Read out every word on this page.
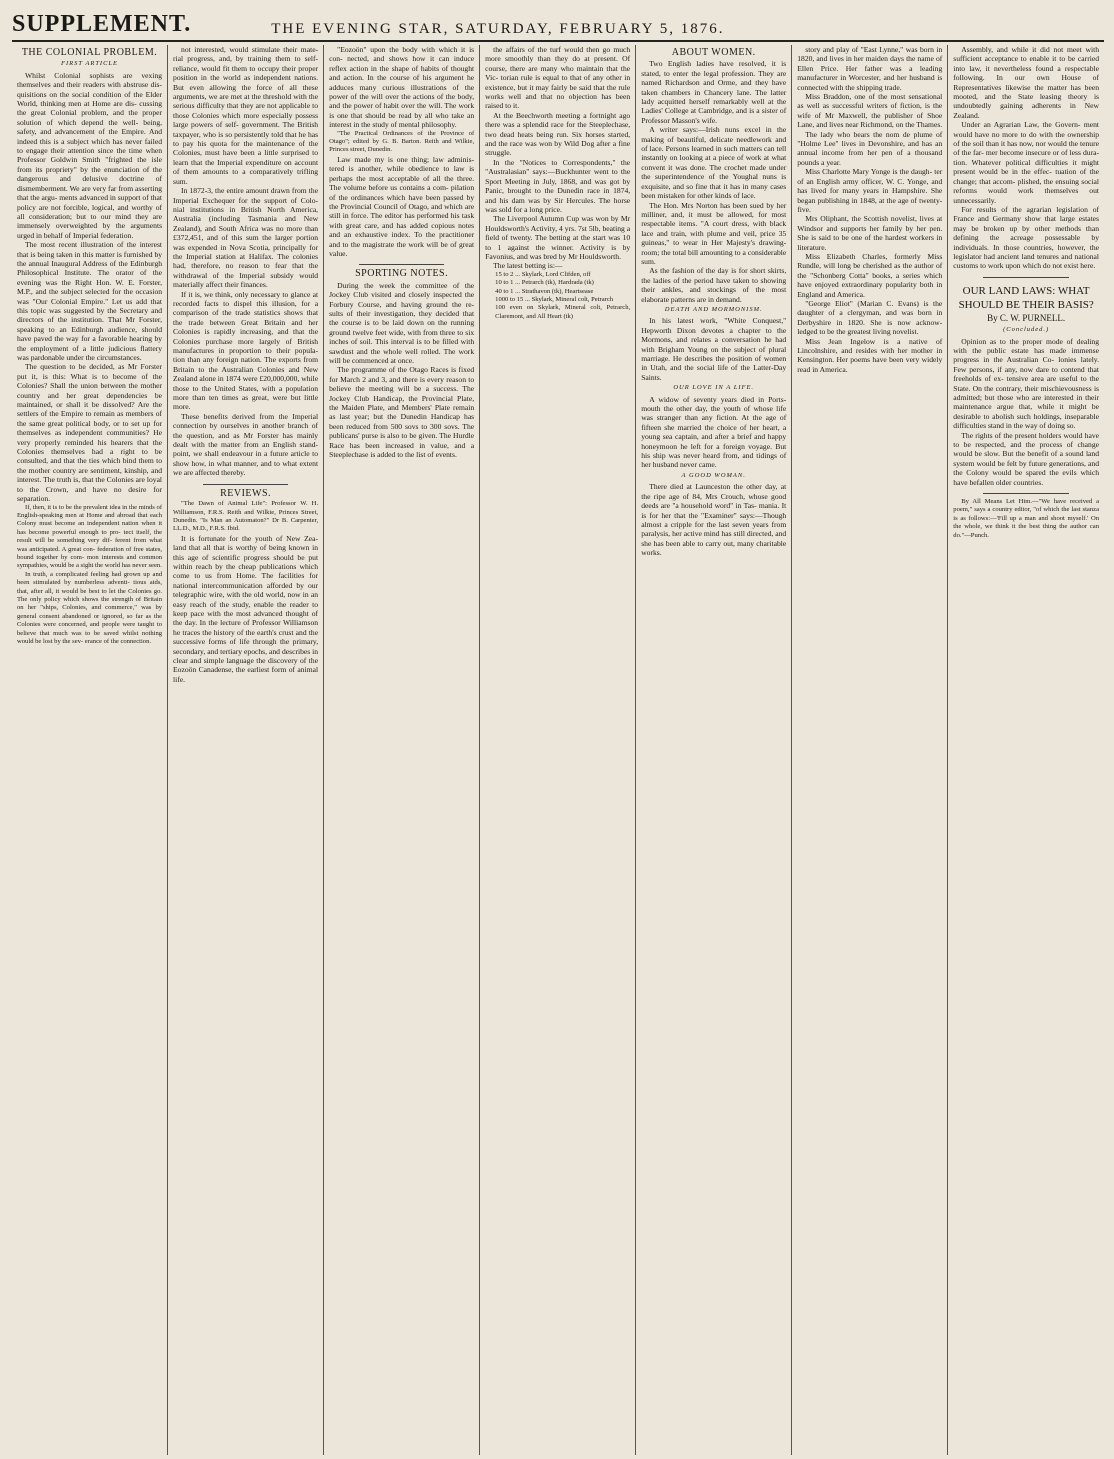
SUPPLEMENT.	THE EVENING STAR, SATURDAY, FEBRUARY 5, 1876.
THE COLONIAL PROBLEM.
FIRST ARTICLE

Whilst Colonial sophists are vexing themselves and their readers with abstruse dis- quisitions on the social condition of the Elder World, thinking men at Home are dis- cussing the great Colonial problem, and the proper solution of which depend the well- being, safety, and advancement of the Empire. And indeed this is a subject which has never failed to engage their attention since the time when Professor Goldwin Smith "frighted the isle from its propriety" by the enunciation of the dangerous and delusive doctrine of dismemberment. We are very far from asserting that the argu- ments advanced in support of that policy are not forcible, logical, and worthy of all consideration; but to our mind they are immensely overweighted by the arguments urged in behalf of Imperial federation.

The most recent illustration of the interest that is being taken in this matter is furnished by the annual Inaugural Address of the Edinburgh Philosophical Institute. The orator of the evening was the Right Hon. W. E. Forster, M.P., and the subject selected for the occasion was "Our Colonial Empire." Let us add that this topic was suggested by the Secretary and directors of the institution. That Mr Forster, speaking to an Edinburgh audience, should have paved the way for a favorable hearing by the employment of a little judicious flattery was pardonable under the circumstances.

The question to be decided, as Mr Forster put it, is this: What is to become of the Colonies? Shall the union between the mother country and her great dependencies be maintained, or shall it be dissolved? Are the settlers of the Empire to remain as members of the same great political body, or to set up for themselves as independent communities? He very properly reminded his hearers that the Colonies themselves had a right to be consulted, and that the ties which bind them to the mother country are sentiment, kinship, and interest. The truth is, that the Colonies are loyal to the Crown, and have no desire for separation.

If, then, it is to be the prevalent idea in the minds of English-speaking men at Home and abroad that each Colony must become an independent nation when it has become powerful enough to pro- tect itself, the result will be something very dif- ferent from what was anticipated. A great con- federation of free states, bound together by com- mon interests and common sympathies, would be a sight the world has never seen.

In truth, a complicated feeling had grown up and been stimulated by numberless adventi- tious aids, that, after all, it would be best to let the Colonies go. The only policy which shows the strength of Britain on her "ships, Colonies, and commerce," was by general consent abandoned or ignored, so far as the Colonies were concerned, and people were taught to believe that much was to be saved whilst nothing would be lost by the sev- erance of the connection.

not interested, would stimulate their mate- rial progress, and, by training them to self- reliance, would fit them to occupy their proper position in the world as independent nations. But even allowing the force of all these arguments, we are met at the threshold with the serious difficulty that they are not applicable to those Colonies which more especially possess large powers of self- government. The British taxpayer, who is so persistently told that he has to pay his quota for the maintenance of the Colonies, must have been a little surprised to learn that the Imperial expenditure on account of them amounts to a comparatively trifling sum.

In 1872-3, the entire amount drawn from the Imperial Exchequer for the support of Colo- nial institutions in British North America, Australia (including Tasmania and New Zealand), and South Africa was no more than £372,451, and of this sum the larger portion was expended in Nova Scotia, principally for the Imperial station at Halifax. The colonies had, therefore, no reason to fear that the withdrawal of the Imperial subsidy would materially affect their finances.

If it is, we think, only necessary to glance at recorded facts to dispel this illusion, for a comparison of the trade statistics shows that the trade between Great Britain and her Colonies is rapidly increasing, and that the Colonies purchase more largely of British manufactures in proportion to their popula- tion than any foreign nation. The exports from Britain to the Australian Colonies and New Zealand alone in 1874 were £20,000,000, while those to the United States, with a population more than ten times as great, were but little more.

These benefits derived from the Imperial connection by ourselves in another branch of the question, and as Mr Forster has mainly dealt with the matter from an English stand- point, we shall endeavour in a future article to show how, in what manner, and to what extent we are affected thereby.

REVIEWS.

"The Dawn of Animal Life": Professor W. H. Williamson, F.R.S. Reith and Wilkie, Princes Street, Dunedin. "Is Man an Automaton?" Dr B. Carpenter, LL.D., M.D., F.R.S. Ibid.

It is fortunate for the youth of New Zea- land that all that is worthy of being known in this age of scientific progress should be put within reach by the cheap publications which come to us from Home. The facilities for national intercommunication afforded by our telegraphic wire, with the old world, now in an easy reach of the study, enable the reader to keep pace with the most advanced thought of the day. In the lecture of Professor Williamson he traces the history of the earth's crust and the successive forms of life through the primary, secondary, and tertiary epochs, and describes in clear and simple language the discovery of the Eozoön Canadense, the earliest form of animal life.

"Eozoön" upon the body with which it is con- nected, and shows how it can induce reflex action in the shape of habits of thought and action. In the course of his argument he adduces many curious illustrations of the power of the will over the actions of the body, and the power of habit over the will. The work is one that should be read by all who take an interest in the study of mental philosophy.

"The Practical Ordinances of the Province of Otago"; edited by G. B. Barton. Reith and Wilkie, Princes street, Dunedin.

Law made my is one thing; law adminis- tered is another, while obedience to law is perhaps the most acceptable of all the three. The volume before us contains a com- pilation of the ordinances which have been passed by the Provincial Council of Otago, and which are still in force. The editor has performed his task with great care, and has added copious notes and an exhaustive index. To the practitioner and to the magistrate the work will be of great value.

SPORTING NOTES.

During the week the committee of the Jockey Club visited and closely inspected the Forbury Course, and having ground the re- sults of their investigation, they decided that the course is to be laid down on the running ground twelve feet wide, with from three to six inches of soil. This interval is to be filled with sawdust and the whole well rolled. The work will be commenced at once.

The programme of the Otago Races is fixed for March 2 and 3, and there is every reason to believe the meeting will be a success. The Jockey Club Handicap, the Provincial Plate, the Maiden Plate, and Members' Plate remain as last year; but the Dunedin Handicap has been reduced from 500 sovs to 300 sovs. The publicans' purse is also to be given. The Hurdle Race has been increased in value, and a Steeplechase is added to the list of events.

the affairs of the turf would then go much more smoothly than they do at present. Of course, there are many who maintain that the Vic- torian rule is equal to that of any other in existence, but it may fairly be said that the rule works well and that no objection has been raised to it.

At the Beechworth meeting a fortnight ago there was a splendid race for the Steeplechase, two dead heats being run. Six horses started, and the race was won by Wild Dog after a fine struggle.

In the "Notices to Correspondents," the "Australasian" says:—Buckhunter went to the Sport Meeting in July, 1868, and was got by Panic, brought to the Dunedin race in 1874, and his dam was by Sir Hercules. The horse was sold for a long price.

The Liverpool Autumn Cup was won by Mr Houldsworth's Activity, 4 yrs. 7st 5lb, beating a field of twenty. The betting at the start was 10 to 1 against the winner. Activity is by Favonius, and was bred by Mr Houldsworth.

The latest betting is:—

15 to 2 ... Skylark, Lord Clifden, off
10 to 1 ... Petrarch (tk), Hardrada (tk)
40 to 1 ... Strathavon (tk), Heartsease
1000 to 15 ... Skylark, Mineral colt, Petrarch
100 even on Skylark, Mineral colt, Petrarch, Claremont, and All Heart (tk)
ABOUT WOMEN.

Two English ladies have resolved, it is stated, to enter the legal profession. They are named Richardson and Orme, and they have taken chambers in Chancery lane. The latter lady acquitted herself remarkably well at the Ladies' College at Cambridge, and is a sister of Professor Masson's wife.

A writer says:—Irish nuns excel in the making of beautiful, delicate needlework and of lace. Persons learned in such matters can tell instantly on looking at a piece of work at what convent it was done. The crochet made under the superintendence of the Youghal nuns is exquisite, and so fine that it has in many cases been mistaken for other kinds of lace.

The Hon. Mrs Norton has been sued by her milliner, and, it must be allowed, for most respectable items. "A court dress, with black lace and train, with plume and veil, price 35 guineas," to wear in Her Majesty's drawing-room; the total bill amounting to a considerable sum.

As the fashion of the day is for short skirts, the ladies of the period have taken to showing their ankles, and stockings of the most elaborate patterns are in demand.

DEATH AND MORMONISM.

In his latest work, "White Conquest," Hepworth Dixon devotes a chapter to the Mormons, and relates a conversation he had with Brigham Young on the subject of plural marriage. He describes the position of women in Utah, and the social life of the Latter-Day Saints.

OUR LOVE IN A LIFE.

A widow of seventy years died in Ports- mouth the other day, the youth of whose life was stranger than any fiction. At the age of fifteen she married the choice of her heart, a young sea captain, and after a brief and happy honeymoon he left for a foreign voyage. But his ship was never heard from, and tidings of her husband never came.

A GOOD WOMAN.

There died at Launceston the other day, at the ripe age of 84, Mrs Crouch, whose good deeds are "a household word" in Tas- mania. It is for her that the "Examiner" says:—Though almost a cripple for the last seven years from paralysis, her active mind has still directed, and she has been able to carry out, many charitable works.

story and play of "East Lynne," was born in 1820, and lives in her maiden days the name of Ellen Price. Her father was a leading manufacturer in Worcester, and her husband is connected with the shipping trade.

Miss Braddon, one of the most sensational as well as successful writers of fiction, is the wife of Mr Maxwell, the publisher of Shoe Lane, and lives near Richmond, on the Thames.

The lady who bears the nom de plume of "Holme Lee" lives in Devonshire, and has an annual income from her pen of a thousand pounds a year.

Miss Charlotte Mary Yonge is the daugh- ter of an English army officer, W. C. Yonge, and has lived for many years in Hampshire. She began publishing in 1848, at the age of twenty-five.

Mrs Oliphant, the Scottish novelist, lives at Windsor and supports her family by her pen. She is said to be one of the hardest workers in literature.

Miss Elizabeth Charles, formerly Miss Rundle, will long be cherished as the author of the "Schonberg Cotta" books, a series which have enjoyed extraordinary popularity both in England and America.

"George Eliot" (Marian C. Evans) is the daughter of a clergyman, and was born in Derbyshire in 1820. She is now acknow- ledged to be the greatest living novelist.

Miss Jean Ingelow is a native of Lincolnshire, and resides with her mother in Kensington. Her poems have been very widely read in America.

Assembly, and while it did not meet with sufficient acceptance to enable it to be carried into law, it nevertheless found a respectable following. In our own House of Representatives likewise the matter has been mooted, and the State leasing theory is undoubtedly gaining adherents in New Zealand.

Under an Agrarian Law, the Govern- ment would have no more to do with the ownership of the soil than it has now, nor would the tenure of the far- mer become insecure or of less dura- tion. Whatever political difficulties it might present would be in the effec- tuation of the change; that accom- plished, the ensuing social reforms would work themselves out unnecessarily.

For results of the agrarian legislation of France and Germany show that large estates may be broken up by other methods than defining the acreage possessable by individuals. In those countries, however, the legislator had ancient land tenures and national customs to work upon which do not exist here.

OUR LAND LAWS: WHAT SHOULD BE THEIR BASIS?
By C. W. PURNELL.
(Concluded.)

Opinion as to the proper mode of dealing with the public estate has made immense progress in the Australian Co- lonies lately. Few persons, if any, now dare to contend that freeholds of ex- tensive area are useful to the State. On the contrary, their mischievousness is admitted; but those who are interested in their maintenance argue that, while it might be desirable to abolish such holdings, inseparable difficulties stand in the way of doing so.

The rights of the present holders would have to be respected, and the process of change would be slow. But the benefit of a sound land system would be felt by future generations, and the Colony would be spared the evils which have befallen older countries.

By All Means Let Him.—"We have received a poem," says a country editor, "of which the last stanza is as follows:—'Fill up a man and shoot myself.' On the whole, we think it the best thing the author can do."—Punch.
